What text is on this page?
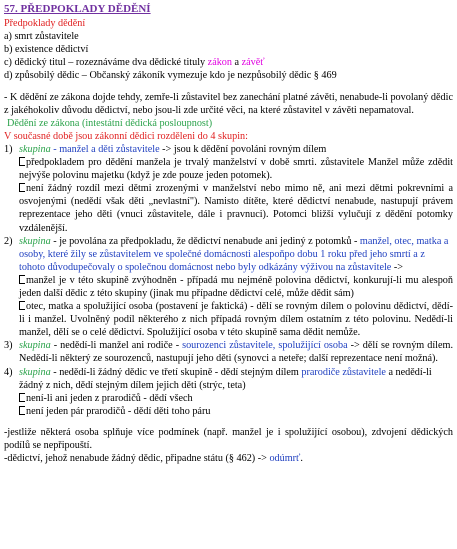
57. PŘEDPOKLADY DĚDĚNÍ
Předpoklady dědění
a) smrt zůstavitele
b) existence dědictví
c) dědický titul – rozeznáváme dva dědické tituly zákon a závěť
d) způsobilý dědic – Občanský zákoník vymezuje kdo je nezpůsobilý dědic § 469
- K dědění ze zákona dojde tehdy, zemře-li zůstavitel bez zanechání platné závěti, nenabude-li povolaný dědic z jakéhokoliv důvodu dědictví, nebo jsou-li zde určité věci, na které zůstavitel v závěti nepamatoval.
Dědění ze zákona (intestátní dědická posloupnost)
V současné době jsou zákonní dědici rozděleni do 4 skupin:
1) skupina - manžel a děti zůstavitele -> jsou k dědění povoláni rovným dílem
předpokladem pro dědění manžela je trvalý manželství v době smrti. zůstavitele Manžel může zdědit nejvýše polovinu majetku (když je zde pouze jeden potomek).
není žádný rozdíl mezi dětmi zrozenými v manželství nebo mimo ně, ani mezi dětmi pokrevními a osvojenými (nedědí však děti „nevlastní"). Namisto dítěte, které dědictví nenabude, nastupují právem reprezentace jeho děti (vnuci zůstavitele, dále i pravnuci). Potomci bližší vylučují z dědění potomky vzdálenější.
2) skupina - je povolána za předpokladu, že dědictví nenabude ani jediný z potomků - manžel, otec, matka a osoby, které žily se zůstavitelem ve společné domácnosti alespoňpo dobu 1 roku před jeho smrtí a z tohoto důvodupečovaly o společnou domácnost nebo byly odkázány výživou na zůstavitele ->
manžel je v této skupině zvýhodněn - případá mu nejméně polovina dědictví, konkurují-li mu alespoň jeden další dědic z této skupiny (jinak mu případne dědictví celé, může dědit sám)
otec, matka a spolužijící osoba (postavení je faktická) - dělí se rovným dílem o polovinu dědictví, dědí-li i manžel. Uvolněný podíl některého z nich případá rovným dílem ostatním z této polovinu. Nedědí-li manžel, dělí se o celé dědictví. Spolužijící osoba v této skupině sama dědit nemůže.
3) skupina - nedědí-li manžel ani rodiče - sourozenci zůstavitele, spolužijící osoba -> dělí se rovným dílem. Nedědí-li některý ze sourozenců, nastupují jeho děti (synovci a neteře; další reprezentace není možná).
4) skupina - nedědí-li žádný dědic ve třetí skupině - dědí stejným dílem prarodiče zůstavitele a nedědí-li žádný z nich, dědí stejným dílem jejich děti (strýc, teta)
není-li ani jeden z prarodičů - dědí všech
není jeden pár prarodičů - dědí děti toho páru
-jestliže některá osoba splňuje více podmínek (např. manžel je i spolužijící osobou), zdvojení dědických podílů se nepřipouští.
-dědictví, jehož nenabude žádný dědic, připadne státu (§ 462) -> odúmrť.
